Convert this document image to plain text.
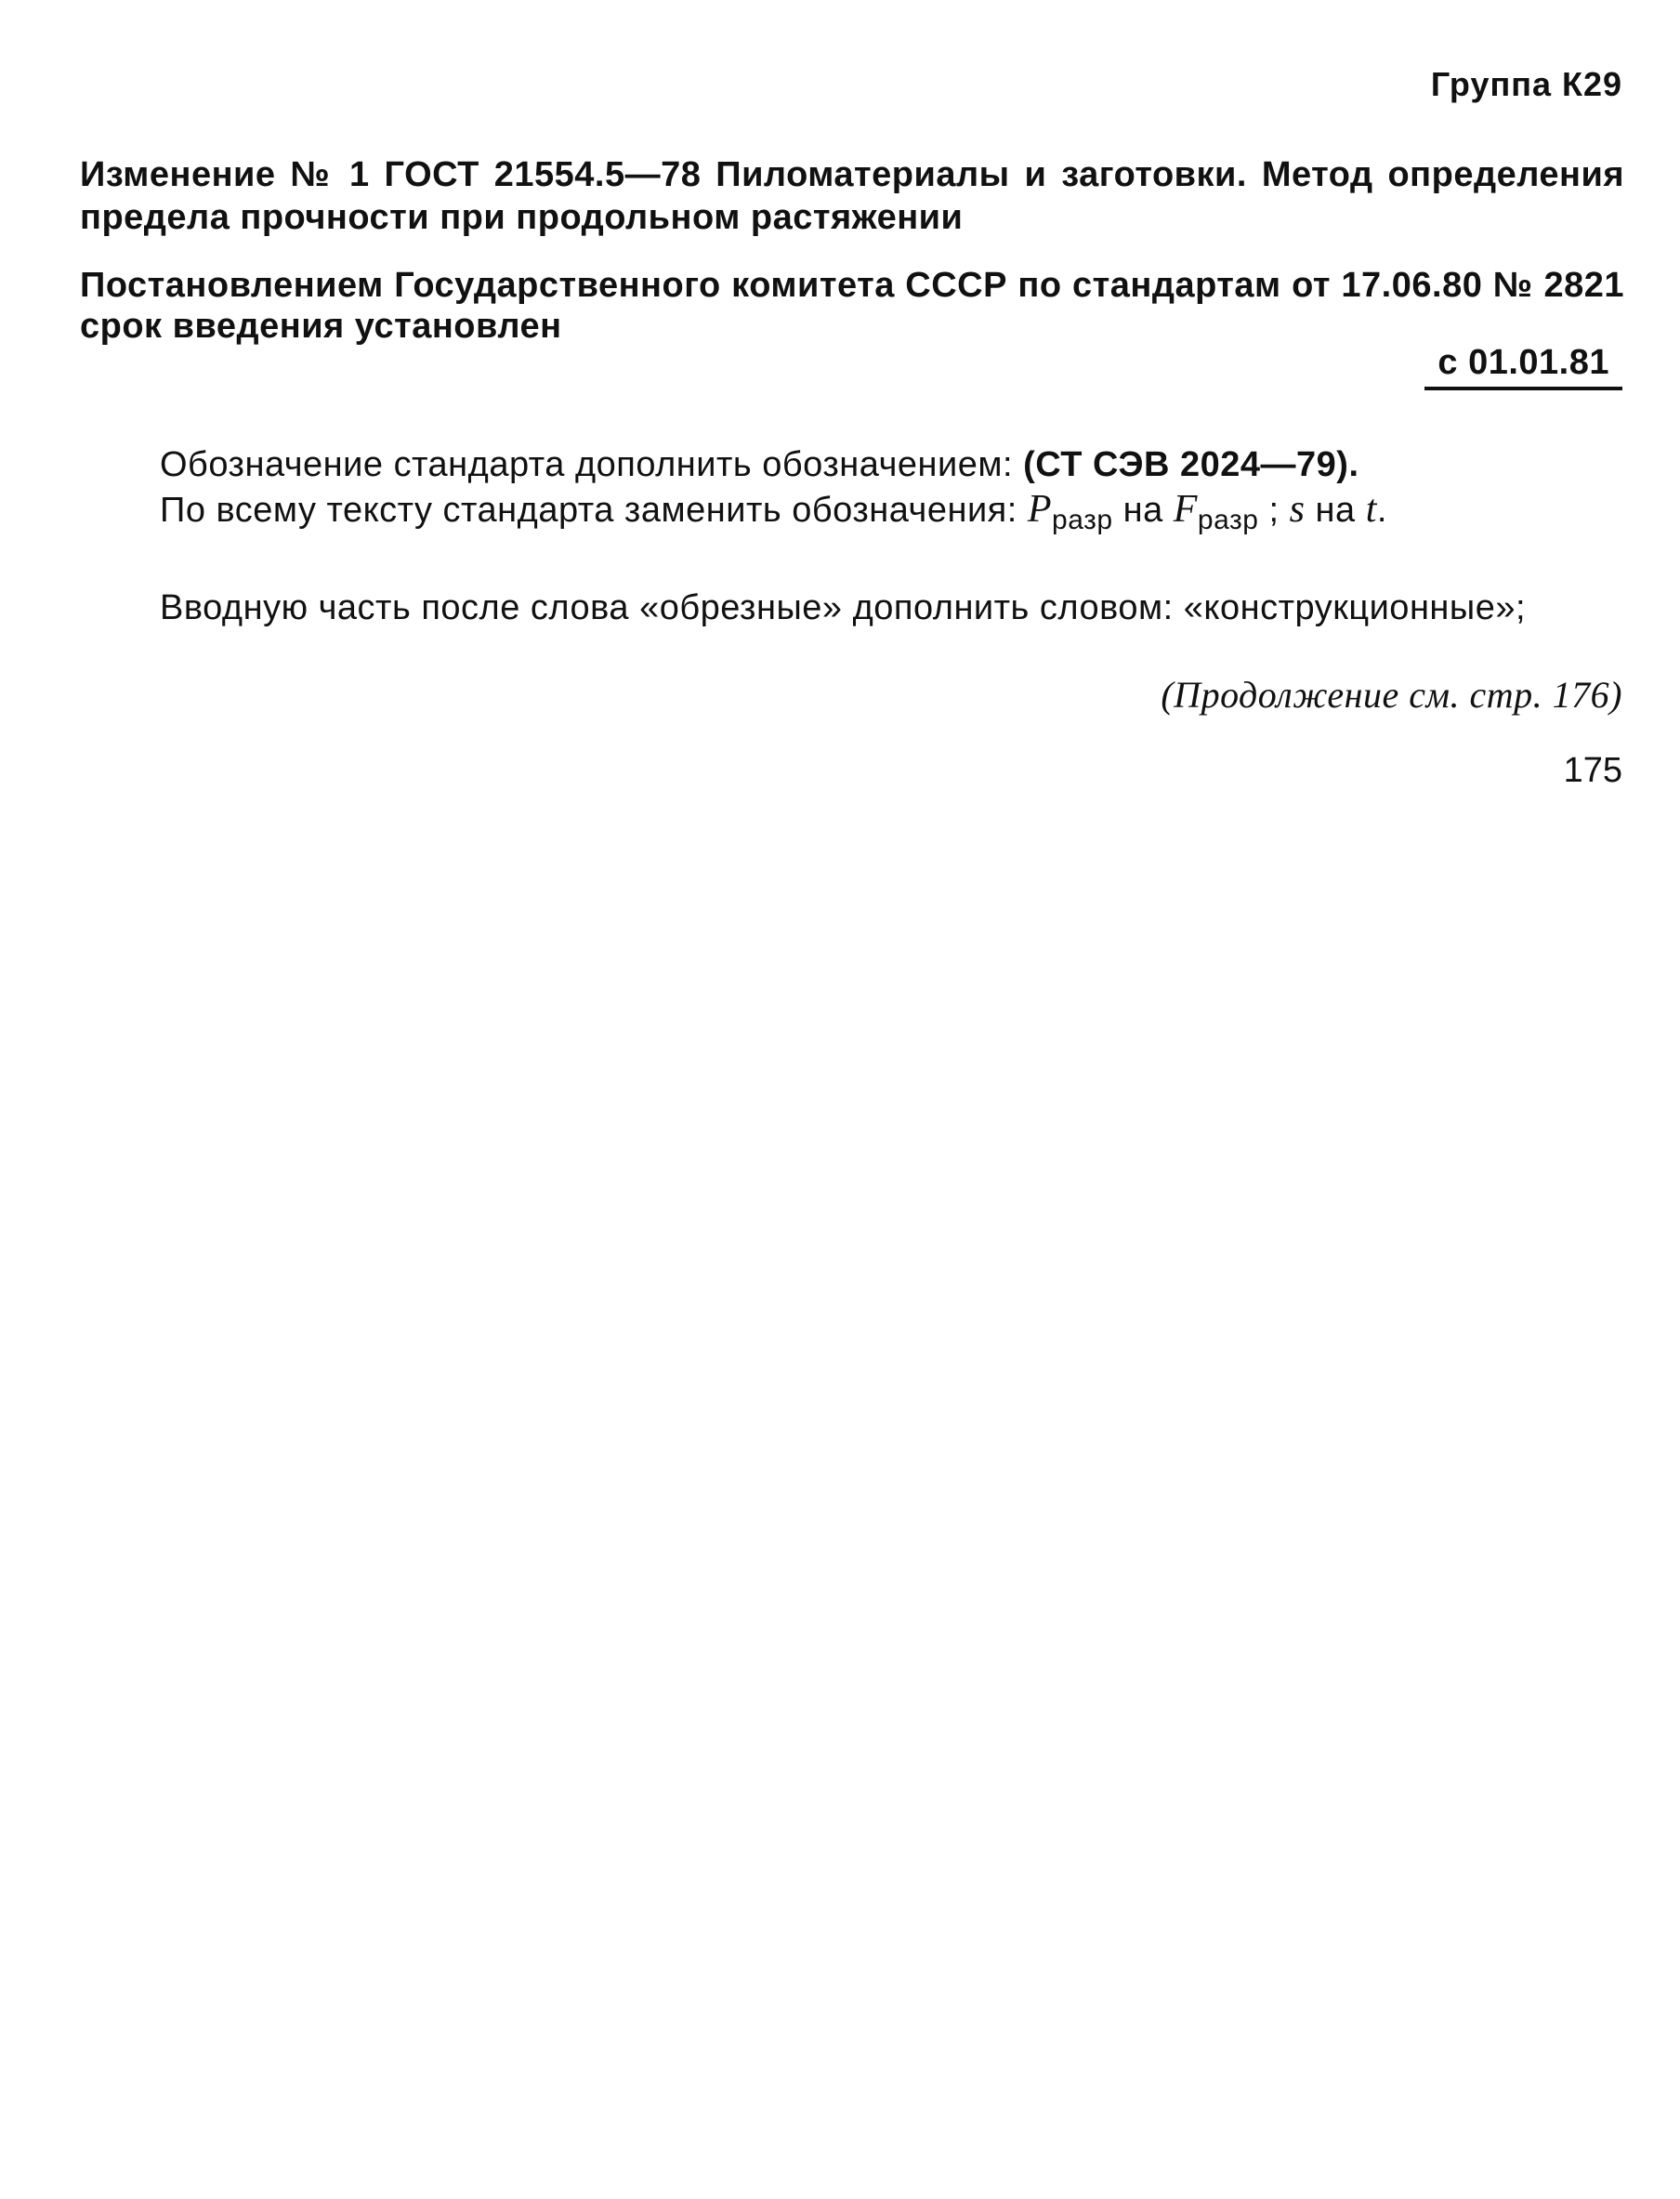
Группа К29

Изменение № 1 ГОСТ 21554.5—78 Пиломатериалы и заготовки. Метод определения предела прочности при продольном растяжении

Постановлением Государственного комитета СССР по стандартам от 17.06.80 № 2821 срок введения установлен

с 01.01.81

Обозначение стандарта дополнить обозначением: (СТ СЭВ 2024—79).

По всему тексту стандарта заменить обозначения: $P_{разр}$ на $F_{разр}$ ; s на t.

Вводную часть после слова «обрезные» дополнить словом: «конструкционные»;

(Продолжение см. стр. 176)
175
